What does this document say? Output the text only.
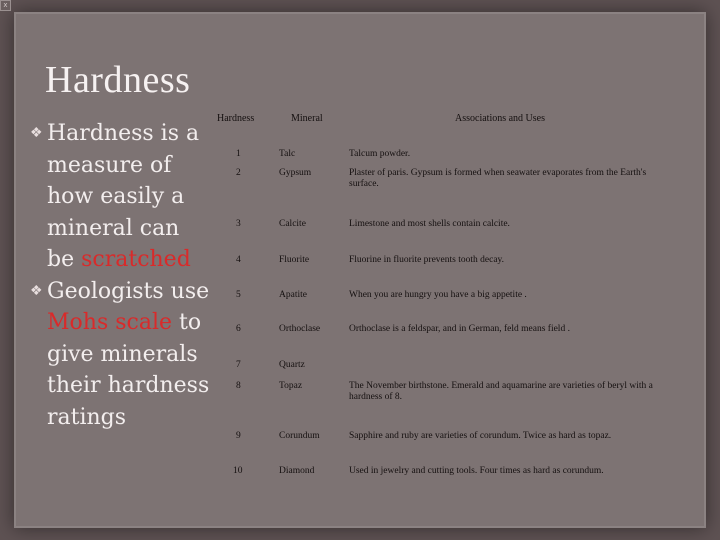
x
Hardness

❖ Hardness is a measure of how easily a mineral can be scratched

❖ Geologists use Mohs scale to give minerals their hardness ratings

Hardness	Mineral	Associations and Uses
1	Talc	Talcum powder.
2	Gypsum	Plaster of paris. Gypsum is formed when seawater evaporates from the Earth's surface.
3	Calcite	Limestone and most shells contain calcite.
4	Fluorite	Fluorine in fluorite prevents tooth decay.
5	Apatite	When you are hungry you have a big appetite .
6	Orthoclase	Orthoclase is a feldspar, and in German, feld means field .
7	Quartz
8	Topaz	The November birthstone. Emerald and aquamarine are varieties of beryl with a hardness of 8.
9	Corundum	Sapphire and ruby are varieties of corundum. Twice as hard as topaz.
10	Diamond	Used in jewelry and cutting tools. Four times as hard as corundum.
